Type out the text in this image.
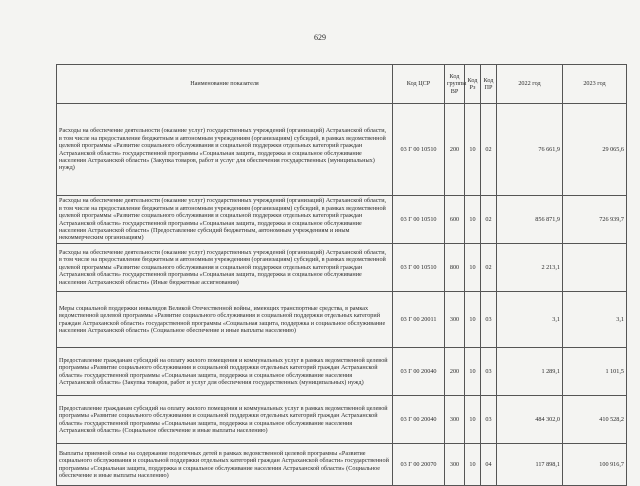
629
Наименование показателя	Код ЦСР	Код группы ВР	Код Рз	Код ПР	2022 год	2023 год
Расходы на обеспечение деятельности (оказание услуг) государственных учреждений (организаций) Астраханской области, в том числе на предоставление бюджетным и автономным учреждениям (организациям) субсидий, в рамках ведомственной целевой программы «Развитие социального обслуживания и социальной поддержки отдельных категорий граждан Астраханской области» государственной программы «Социальная защита, поддержка и социальное обслуживание населения Астраханской области» (Закупка товаров, работ и услуг для обеспечения государственных (муниципальных) нужд)	03 Г 00 10510	200	10	02	76 661,9	29 065,6
Расходы на обеспечение деятельности (оказание услуг) государственных учреждений (организаций) Астраханской области, в том числе на предоставление бюджетным и автономным учреждениям (организациям) субсидий, в рамках ведомственной целевой программы «Развитие социального обслуживания и социальной поддержки отдельных категорий граждан Астраханской области» государственной программы «Социальная защита, поддержка и социальное обслуживание населения Астраханской области» (Предоставление субсидий бюджетным, автономным учреждениям и иным некоммерческим организациям)	03 Г 00 10510	600	10	02	856 871,9	726 939,7
Расходы на обеспечение деятельности (оказание услуг) государственных учреждений (организаций) Астраханской области, в том числе на предоставление бюджетным и автономным учреждениям (организациям) субсидий, в рамках ведомственной целевой программы «Развитие социального обслуживания и социальной поддержки отдельных категорий граждан Астраханской области» государственной программы «Социальная защита, поддержка и социальное обслуживание населения Астраханской области» (Иные бюджетные ассигнования)	03 Г 00 10510	800	10	02	2 213,1	
Меры социальной поддержки инвалидов Великой Отечественной войны, имеющих транспортные средства, в рамках ведомственной целевой программы «Развитие социального обслуживания и социальной поддержки отдельных категорий граждан Астраханской области» государственной программы «Социальная защита, поддержка и социальное обслуживание населения Астраханской области» (Социальное обеспечение и иные выплаты населению)	03 Г 00 20011	300	10	03	3,1	3,1
Предоставление гражданам субсидий на оплату жилого помещения и коммунальных услуг в рамках ведомственной целевой программы «Развитие социального обслуживания и социальной поддержки отдельных категорий граждан Астраханской области» государственной программы «Социальная защита, поддержка и социальное обслуживание населения Астраханской области» (Закупка товаров, работ и услуг для обеспечения государственных (муниципальных) нужд)	03 Г 00 20040	200	10	03	1 289,1	1 101,5
Предоставление гражданам субсидий на оплату жилого помещения и коммунальных услуг в рамках ведомственной целевой программы «Развитие социального обслуживания и социальной поддержки отдельных категорий граждан Астраханской области» государственной программы «Социальная защита, поддержка и социальное обслуживание населения Астраханской области» (Социальное обеспечение и иные выплаты населению)	03 Г 00 20040	300	10	03	484 302,0	410 528,2
Выплаты приемной семье на содержание подопечных детей в рамках ведомственной целевой программы «Развитие социального обслуживания и социальной поддержки отдельных категорий граждан Астраханской области» государственной программы «Социальная защита, поддержка и социальное обслуживание населения Астраханской области» (Социальное обеспечение и иные выплаты населению)	03 Г 00 20070	300	10	04	117 898,1	100 916,7
